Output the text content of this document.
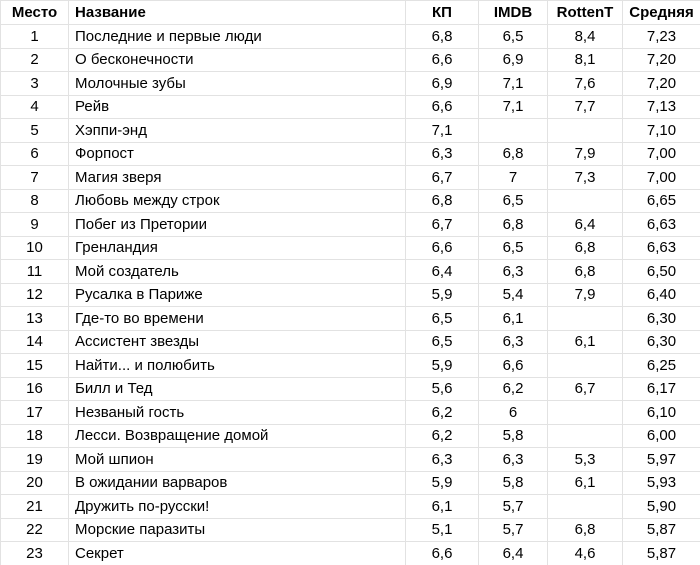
Место	Название	КП	IMDB	RottenT	Средняя
1	Последние и первые люди	6,8	6,5	8,4	7,23
2	О бесконечности	6,6	6,9	8,1	7,20
3	Молочные зубы	6,9	7,1	7,6	7,20
4	Рейв	6,6	7,1	7,7	7,13
5	Хэппи-энд	7,1			7,10
6	Форпост	6,3	6,8	7,9	7,00
7	Магия зверя	6,7	7	7,3	7,00
8	Любовь между строк	6,8	6,5		6,65
9	Побег из Претории	6,7	6,8	6,4	6,63
10	Гренландия	6,6	6,5	6,8	6,63
11	Мой создатель	6,4	6,3	6,8	6,50
12	Русалка в Париже	5,9	5,4	7,9	6,40
13	Где-то во времени	6,5	6,1		6,30
14	Ассистент звезды	6,5	6,3	6,1	6,30
15	Найти... и полюбить	5,9	6,6		6,25
16	Билл и Тед	5,6	6,2	6,7	6,17
17	Незваный гость	6,2	6		6,10
18	Лесси. Возвращение домой	6,2	5,8		6,00
19	Мой шпион	6,3	6,3	5,3	5,97
20	В ожидании варваров	5,9	5,8	6,1	5,93
21	Дружить по-русски!	6,1	5,7		5,90
22	Морские паразиты	5,1	5,7	6,8	5,87
23	Секрет	6,6	6,4	4,6	5,87
